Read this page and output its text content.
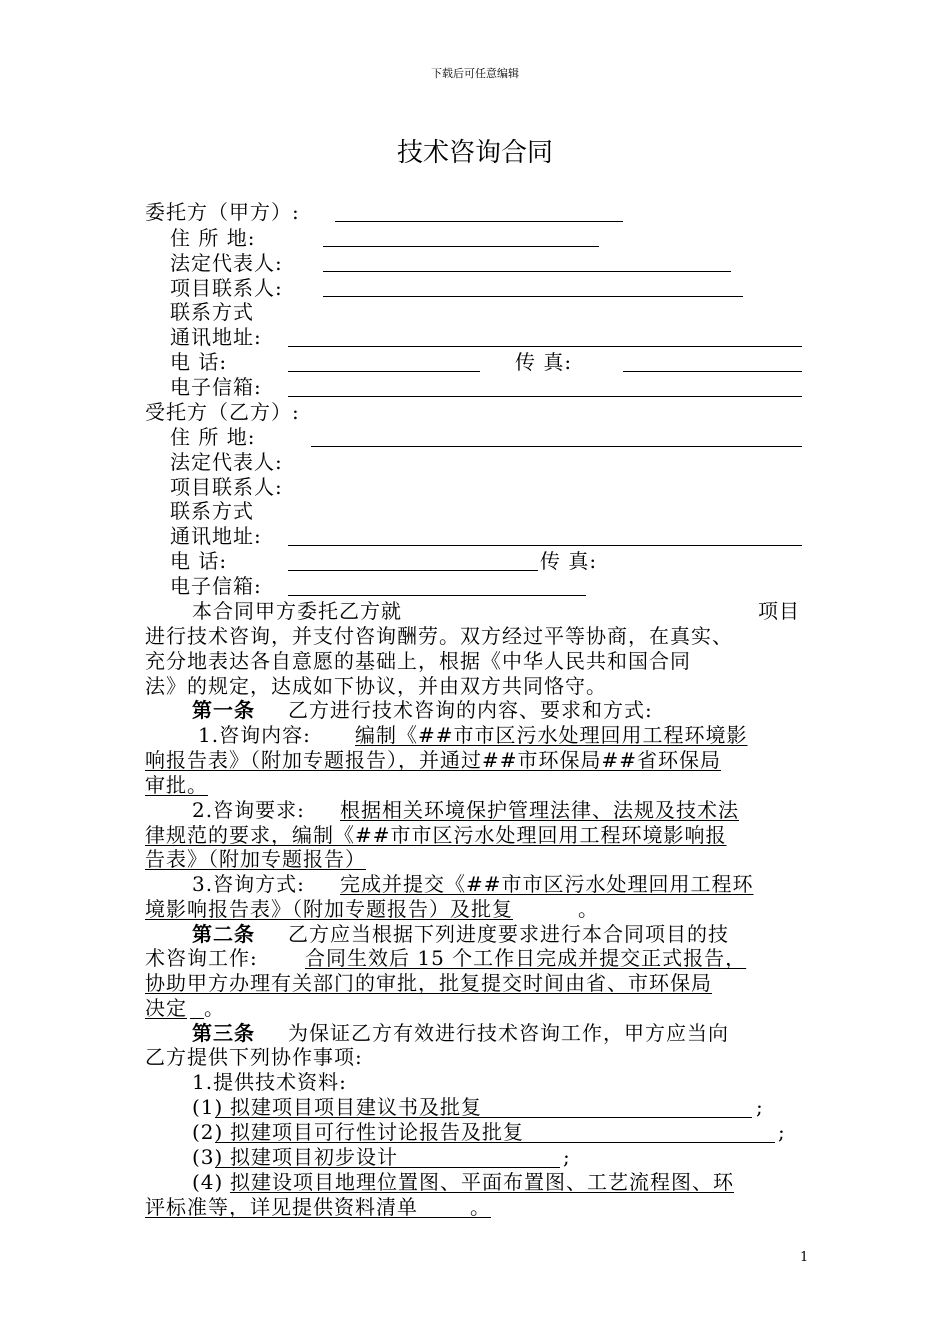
下载后可任意编辑
技术咨询合同
委托方（甲方）:
住 所 地:
法定代表人:
项目联系人:
联系方式
通讯地址:
电 话:	传 真:
电子信箱:
受托方（乙方）:
住 所 地:
法定代表人:
项目联系人:
联系方式
通讯地址:
电 话:	传 真:
电子信箱:
本合同甲方委托乙方就	项目
进行技术咨询，并支付咨询酬劳。双方经过平等协商，在真实、
充分地表达各自意愿的基础上，根据《中华人民共和国合同
法》的规定，达成如下协议，并由双方共同恪守。
第一条 乙方进行技术咨询的内容、要求和方式:
1.咨询内容: 编制《##市市区污水处理回用工程环境影
响报告表》（附加专题报告），并通过##市环保局##省环保局
审批。
2.咨询要求: 根据相关环境保护管理法律、法规及技术法
律规范的要求，编制《##市市区污水处理回用工程环境影响报
告表》（附加专题报告）
3.咨询方式: 完成并提交《##市市区污水处理回用工程环
境影响报告表》（附加专题报告）及批复	。
第二条 乙方应当根据下列进度要求进行本合同项目的技
术咨询工作: 合同生效后 15 个工作日完成并提交正式报告，
协助甲方办理有关部门的审批，批复提交时间由省、市环保局
决定 。
第三条 为保证乙方有效进行技术咨询工作，甲方应当向
乙方提供下列协作事项:
1.提供技术资料:
(1) 拟建项目项目建议书及批复	;
(2) 拟建项目可行性讨论报告及批复	;
(3) 拟建项目初步设计	;
(4) 拟建设项目地理位置图、平面布置图、工艺流程图、环
评标准等，详见提供资料清单	。
1
